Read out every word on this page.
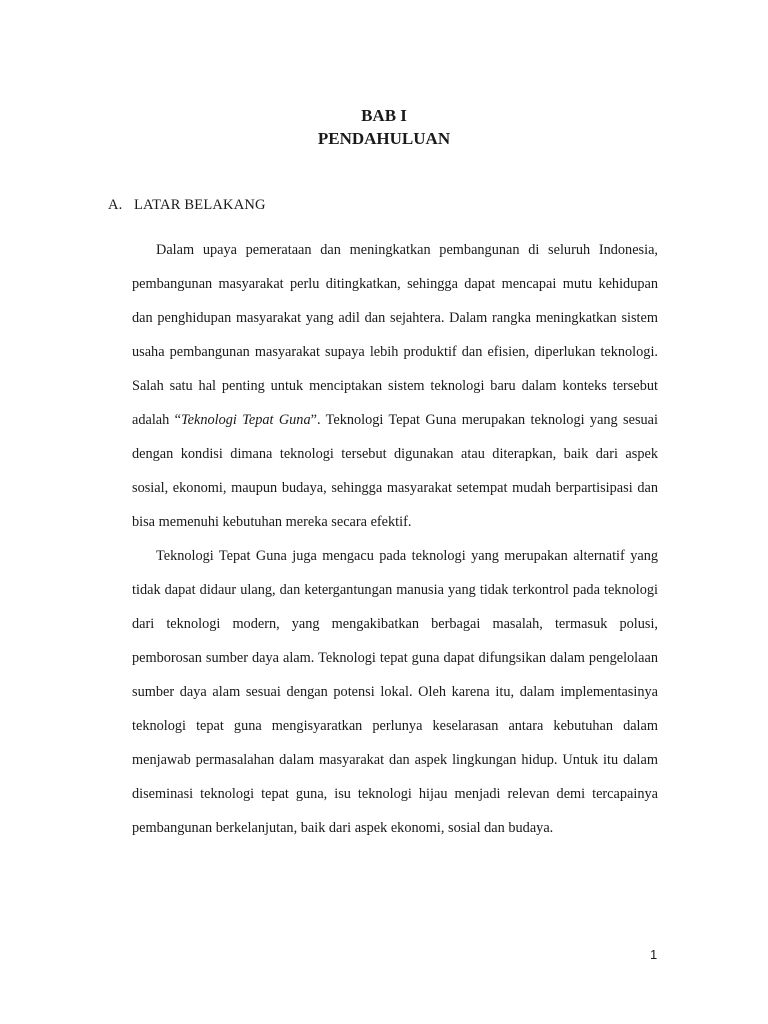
BAB I
PENDAHULUAN
A. LATAR BELAKANG

Dalam upaya pemerataan dan meningkatkan pembangunan di seluruh Indonesia, pembangunan masyarakat perlu ditingkatkan, sehingga dapat mencapai mutu kehidupan dan penghidupan masyarakat yang adil dan sejahtera. Dalam rangka meningkatkan sistem usaha pembangunan masyarakat supaya lebih produktif dan efisien, diperlukan teknologi. Salah satu hal penting untuk menciptakan sistem teknologi baru dalam konteks tersebut adalah “Teknologi Tepat Guna”. Teknologi Tepat Guna merupakan teknologi yang sesuai dengan kondisi dimana teknologi tersebut digunakan atau diterapkan, baik dari aspek sosial, ekonomi, maupun budaya, sehingga masyarakat setempat mudah berpartisipasi dan bisa memenuhi kebutuhan mereka secara efektif.

Teknologi Tepat Guna juga mengacu pada teknologi yang merupakan alternatif yang tidak dapat didaur ulang, dan ketergantungan manusia yang tidak terkontrol pada teknologi dari teknologi modern, yang mengakibatkan berbagai masalah, termasuk polusi, pemborosan sumber daya alam. Teknologi tepat guna dapat difungsikan dalam pengelolaan sumber daya alam sesuai dengan potensi lokal. Oleh karena itu, dalam implementasinya teknologi tepat guna mengisyaratkan perlunya keselarasan antara kebutuhan dalam menjawab permasalahan dalam masyarakat dan aspek lingkungan hidup. Untuk itu dalam diseminasi teknologi tepat guna, isu teknologi hijau menjadi relevan demi tercapainya pembangunan berkelanjutan, baik dari aspek ekonomi, sosial dan budaya.

1
